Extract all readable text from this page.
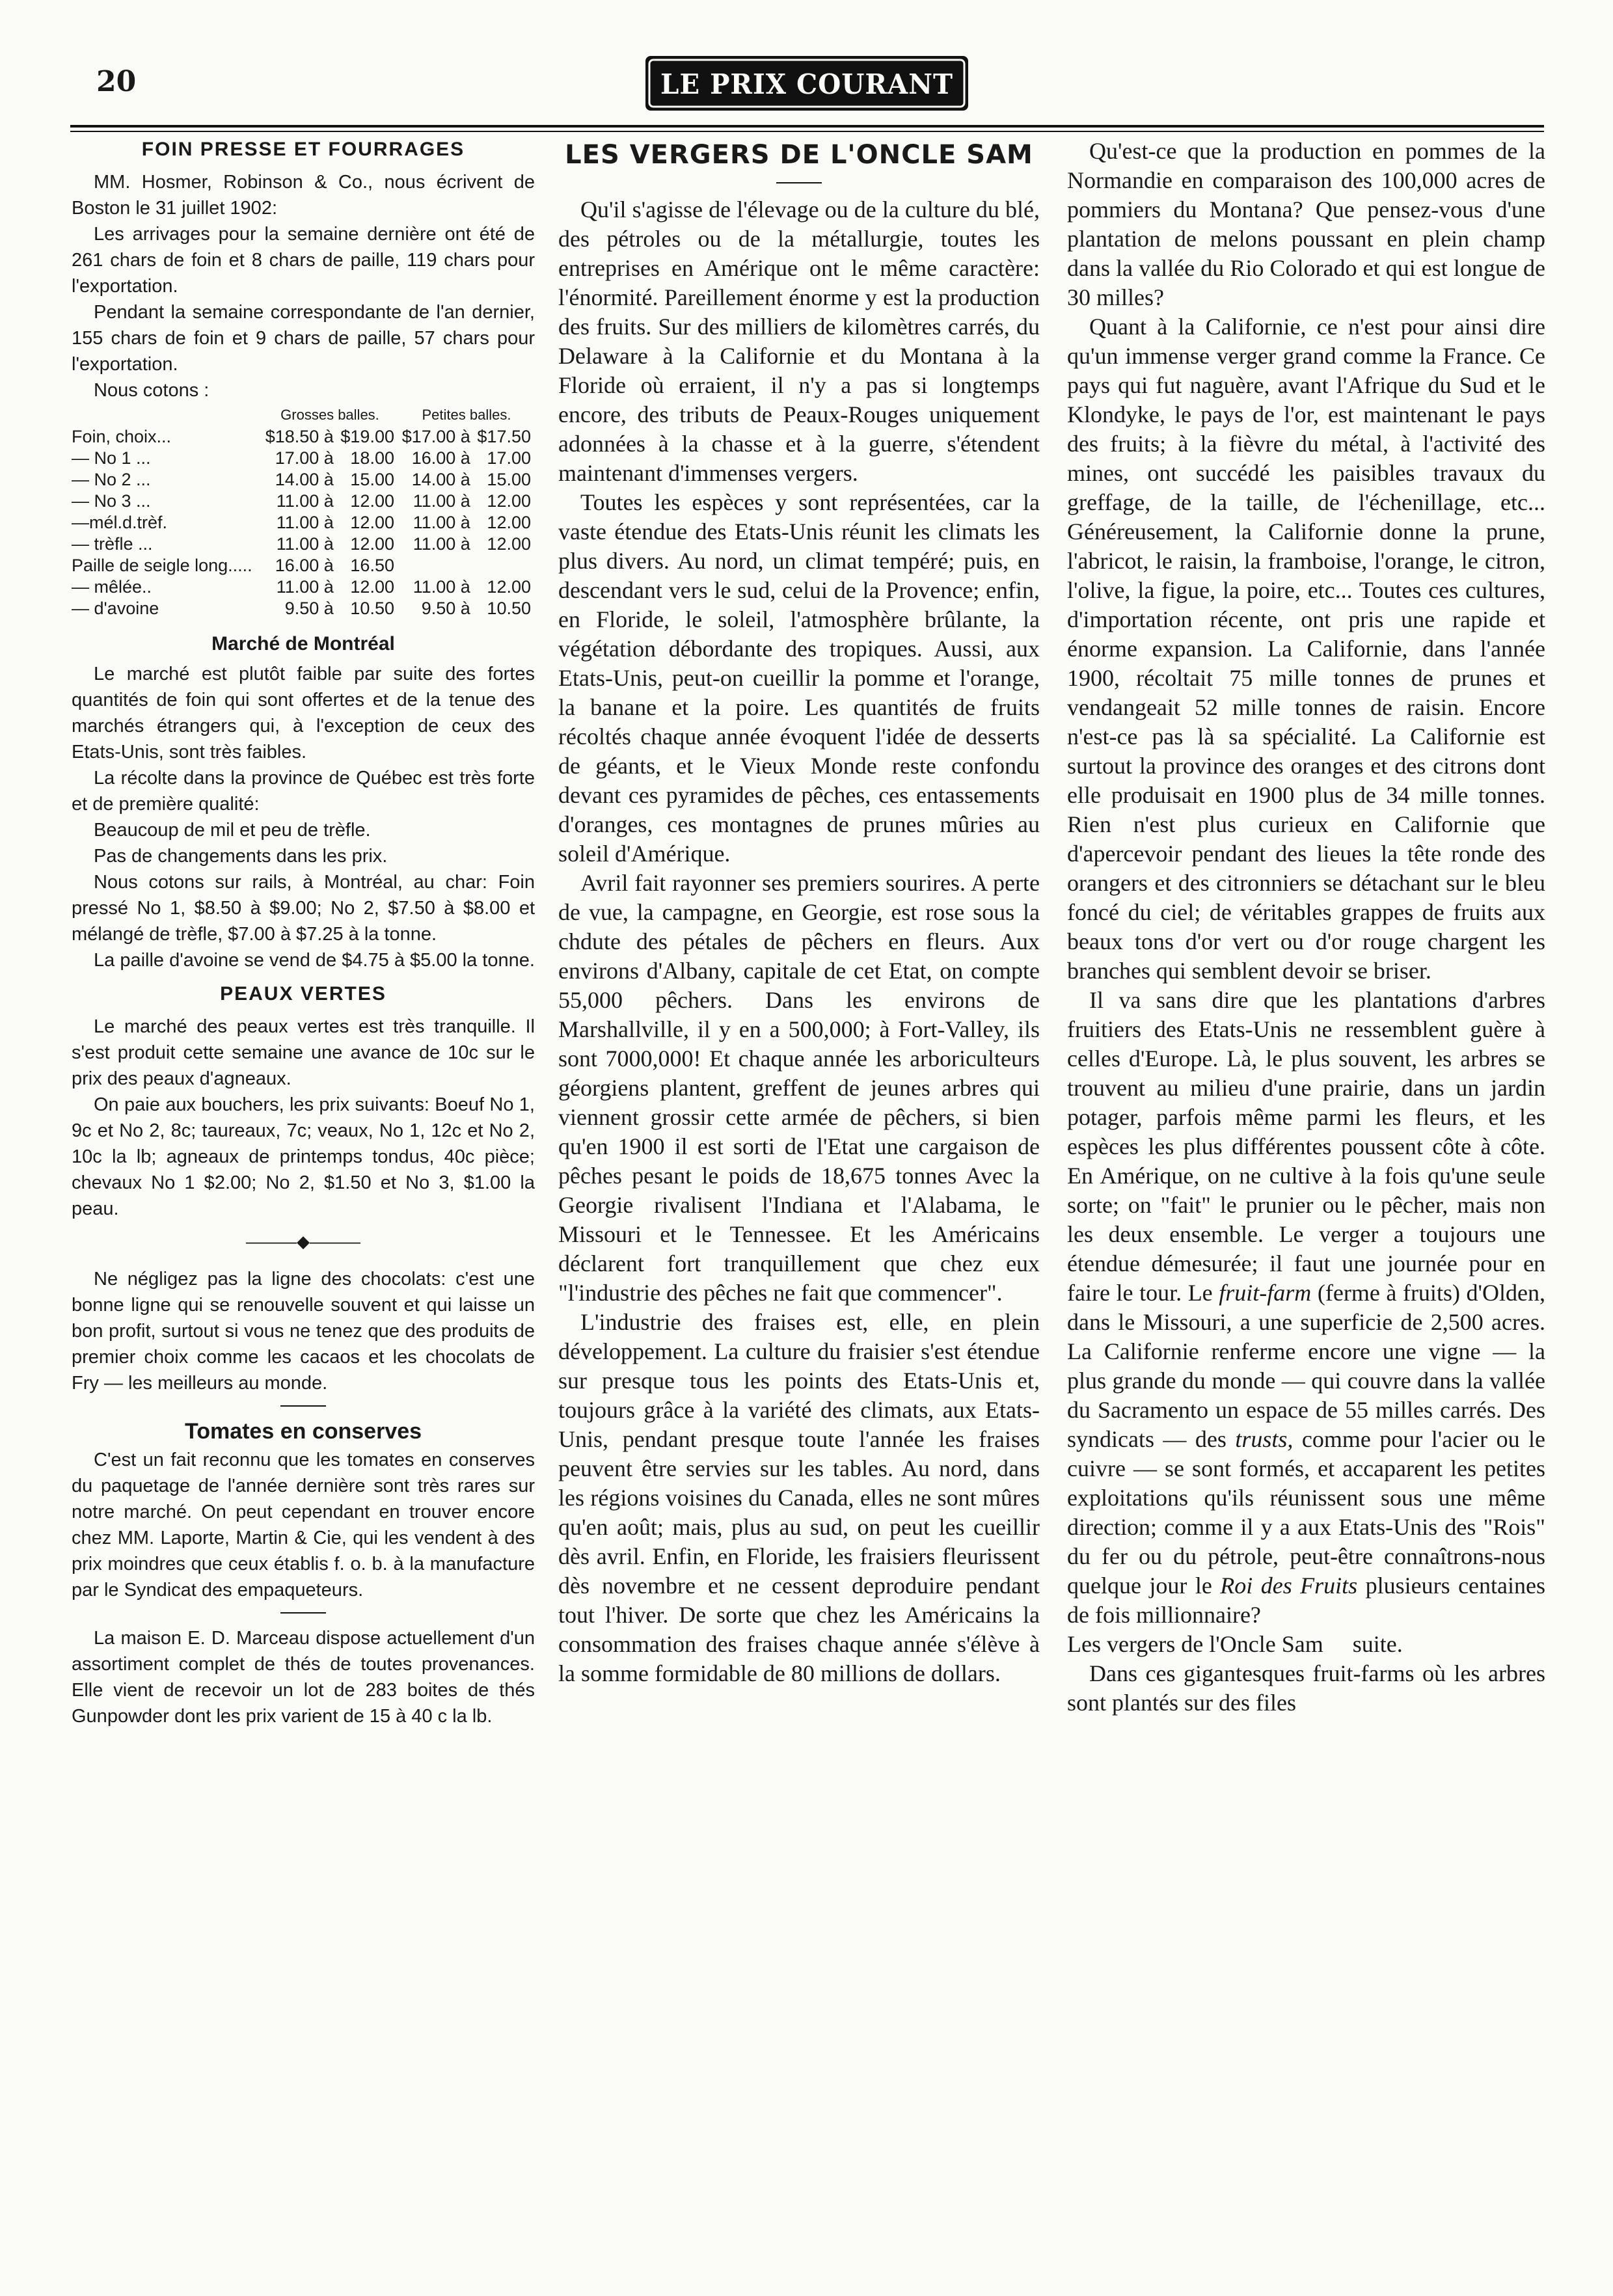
20	LE PRIX COURANT
FOIN PRESSE ET FOURRAGES

MM. Hosmer, Robinson & Co., nous écrivent de Boston le 31 juillet 1902:

Les arrivages pour la semaine dernière ont été de 261 chars de foin et 8 chars de paille, 119 chars pour l'exportation.

Pendant la semaine correspondante de l'an dernier, 155 chars de foin et 9 chars de paille, 57 chars pour l'exportation.

Nous cotons :

	Grosses balles.		Petites balles.	
Foin, choix...	$18.50 à	$19.00	$17.00 à	$17.50
— No 1 ...	17.00 à	18.00	16.00 à	17.00
— No 2 ...	14.00 à	15.00	14.00 à	15.00
— No 3 ...	11.00 à	12.00	11.00 à	12.00
—mél.d.trèf.	11.00 à	12.00	11.00 à	12.00
— trèfle ...	11.00 à	12.00	11.00 à	12.00
Paille de seigle long.....	16.00 à	16.50		
— mêlée..	11.00 à	12.00	11.00 à	12.00
— d'avoine	9.50 à	10.50	9.50 à	10.50
Marché de Montréal

Le marché est plutôt faible par suite des fortes quantités de foin qui sont offertes et de la tenue des marchés étrangers qui, à l'exception de ceux des Etats-Unis, sont très faibles.

La récolte dans la province de Québec est très forte et de première qualité:

Beaucoup de mil et peu de trèfle.

Pas de changements dans les prix.

Nous cotons sur rails, à Montréal, au char: Foin pressé No 1, $8.50 à $9.00; No 2, $7.50 à $8.00 et mélangé de trèfle, $7.00 à $7.25 à la tonne.

La paille d'avoine se vend de $4.75 à $5.00 la tonne.

PEAUX VERTES

Le marché des peaux vertes est très tranquille. Il s'est produit cette semaine une avance de 10c sur le prix des peaux d'agneaux.

On paie aux bouchers, les prix suivants: Boeuf No 1, 9c et No 2, 8c; taureaux, 7c; veaux, No 1, 12c et No 2, 10c la lb; agneaux de printemps tondus, 40c pièce; chevaux No 1 $2.00; No 2, $1.50 et No 3, $1.00 la peau.

———◆———

Ne négligez pas la ligne des chocolats: c'est une bonne ligne qui se renouvelle souvent et qui laisse un bon profit, surtout si vous ne tenez que des produits de premier choix comme les cacaos et les chocolats de Fry — les meilleurs au monde.

Tomates en conserves

C'est un fait reconnu que les tomates en conserves du paquetage de l'année dernière sont très rares sur notre marché. On peut cependant en trouver encore chez MM. Laporte, Martin & Cie, qui les vendent à des prix moindres que ceux établis f. o. b. à la manufacture par le Syndicat des empaqueteurs.

La maison E. D. Marceau dispose actuellement d'un assortiment complet de thés de toutes provenances. Elle vient de recevoir un lot de 283 boites de thés Gunpowder dont les prix varient de 15 à 40 c la lb.

LES VERGERS DE L'ONCLE SAM

Qu'il s'agisse de l'élevage ou de la culture du blé, des pétroles ou de la métallurgie, toutes les entreprises en Amérique ont le même caractère: l'énormité. Pareillement énorme y est la production des fruits. Sur des milliers de kilomètres carrés, du Delaware à la Californie et du Montana à la Floride où erraient, il n'y a pas si longtemps encore, des tributs de Peaux-Rouges uniquement adonnées à la chasse et à la guerre, s'étendent maintenant d'immenses vergers.

Toutes les espèces y sont représentées, car la vaste étendue des Etats-Unis réunit les climats les plus divers. Au nord, un climat tempéré; puis, en descendant vers le sud, celui de la Provence; enfin, en Floride, le soleil, l'atmosphère brûlante, la végétation débordante des tropiques. Aussi, aux Etats-Unis, peut-on cueillir la pomme et l'orange, la banane et la poire. Les quantités de fruits récoltés chaque année évoquent l'idée de desserts de géants, et le Vieux Monde reste confondu devant ces pyramides de pêches, ces entassements d'oranges, ces montagnes de prunes mûries au soleil d'Amérique.

Avril fait rayonner ses premiers sourires. A perte de vue, la campagne, en Georgie, est rose sous la chdute des pétales de pêchers en fleurs. Aux environs d'Albany, capitale de cet Etat, on compte 55,000 pêchers. Dans les environs de Marshallville, il y en a 500,000; à Fort-Valley, ils sont 7000,000! Et chaque année les arboriculteurs géorgiens plantent, greffent de jeunes arbres qui viennent grossir cette armée de pêchers, si bien qu'en 1900 il est sorti de l'Etat une cargaison de pêches pesant le poids de 18,675 tonnes Avec la Georgie rivalisent l'Indiana et l'Alabama, le Missouri et le Tennessee. Et les Américains déclarent fort tranquillement que chez eux "l'industrie des pêches ne fait que commencer".

L'industrie des fraises est, elle, en plein développement. La culture du fraisier s'est étendue sur presque tous les points des Etats-Unis et, toujours grâce à la variété des climats, aux Etats-Unis, pendant presque toute l'année les fraises peuvent être servies sur les tables. Au nord, dans les régions voisines du Canada, elles ne sont mûres qu'en août; mais, plus au sud, on peut les cueillir dès avril. Enfin, en Floride, les fraisiers fleurissent dès novembre et ne cessent deproduire pendant tout l'hiver. De sorte que chez les Américains la consommation des fraises chaque année s'élève à la somme formidable de 80 millions de dollars.

Qu'est-ce que la production en pommes de la Normandie en comparaison des 100,000 acres de pommiers du Montana? Que pensez-vous d'une plantation de melons poussant en plein champ dans la vallée du Rio Colorado et qui est longue de 30 milles?

Quant à la Californie, ce n'est pour ainsi dire qu'un immense verger grand comme la France. Ce pays qui fut naguère, avant l'Afrique du Sud et le Klondyke, le pays de l'or, est maintenant le pays des fruits; à la fièvre du métal, à l'activité des mines, ont succédé les paisibles travaux du greffage, de la taille, de l'échenillage, etc... Généreusement, la Californie donne la prune, l'abricot, le raisin, la framboise, l'orange, le citron, l'olive, la figue, la poire, etc... Toutes ces cultures, d'importation récente, ont pris une rapide et énorme expansion. La Californie, dans l'année 1900, récoltait 75 mille tonnes de prunes et vendangeait 52 mille tonnes de raisin. Encore n'est-ce pas là sa spécialité. La Californie est surtout la province des oranges et des citrons dont elle produisait en 1900 plus de 34 mille tonnes. Rien n'est plus curieux en Californie que d'apercevoir pendant des lieues la tête ronde des orangers et des citronniers se détachant sur le bleu foncé du ciel; de véritables grappes de fruits aux beaux tons d'or vert ou d'or rouge chargent les branches qui semblent devoir se briser.

Il va sans dire que les plantations d'arbres fruitiers des Etats-Unis ne ressemblent guère à celles d'Europe. Là, le plus souvent, les arbres se trouvent au milieu d'une prairie, dans un jardin potager, parfois même parmi les fleurs, et les espèces les plus différentes poussent côte à côte. En Amérique, on ne cultive à la fois qu'une seule sorte; on "fait" le prunier ou le pêcher, mais non les deux ensemble. Le verger a toujours une étendue démesurée; il faut une journée pour en faire le tour. Le fruit-farm (ferme à fruits) d'Olden, dans le Missouri, a une superficie de 2,500 acres. La Californie renferme encore une vigne — la plus grande du monde — qui couvre dans la vallée du Sacramento un espace de 55 milles carrés. Des syndicats — des trusts, comme pour l'acier ou le cuivre — se sont formés, et accaparent les petites exploitations qu'ils réunissent sous une même direction; comme il y a aux Etats-Unis des "Rois" du fer ou du pétrole, peut-être connaîtrons-nous quelque jour le Roi des Fruits plusieurs centaines de fois millionnaire?

Les vergers de l'Oncle Sam     suite.

Dans ces gigantesques fruit-farms où les arbres sont plantés sur des files
